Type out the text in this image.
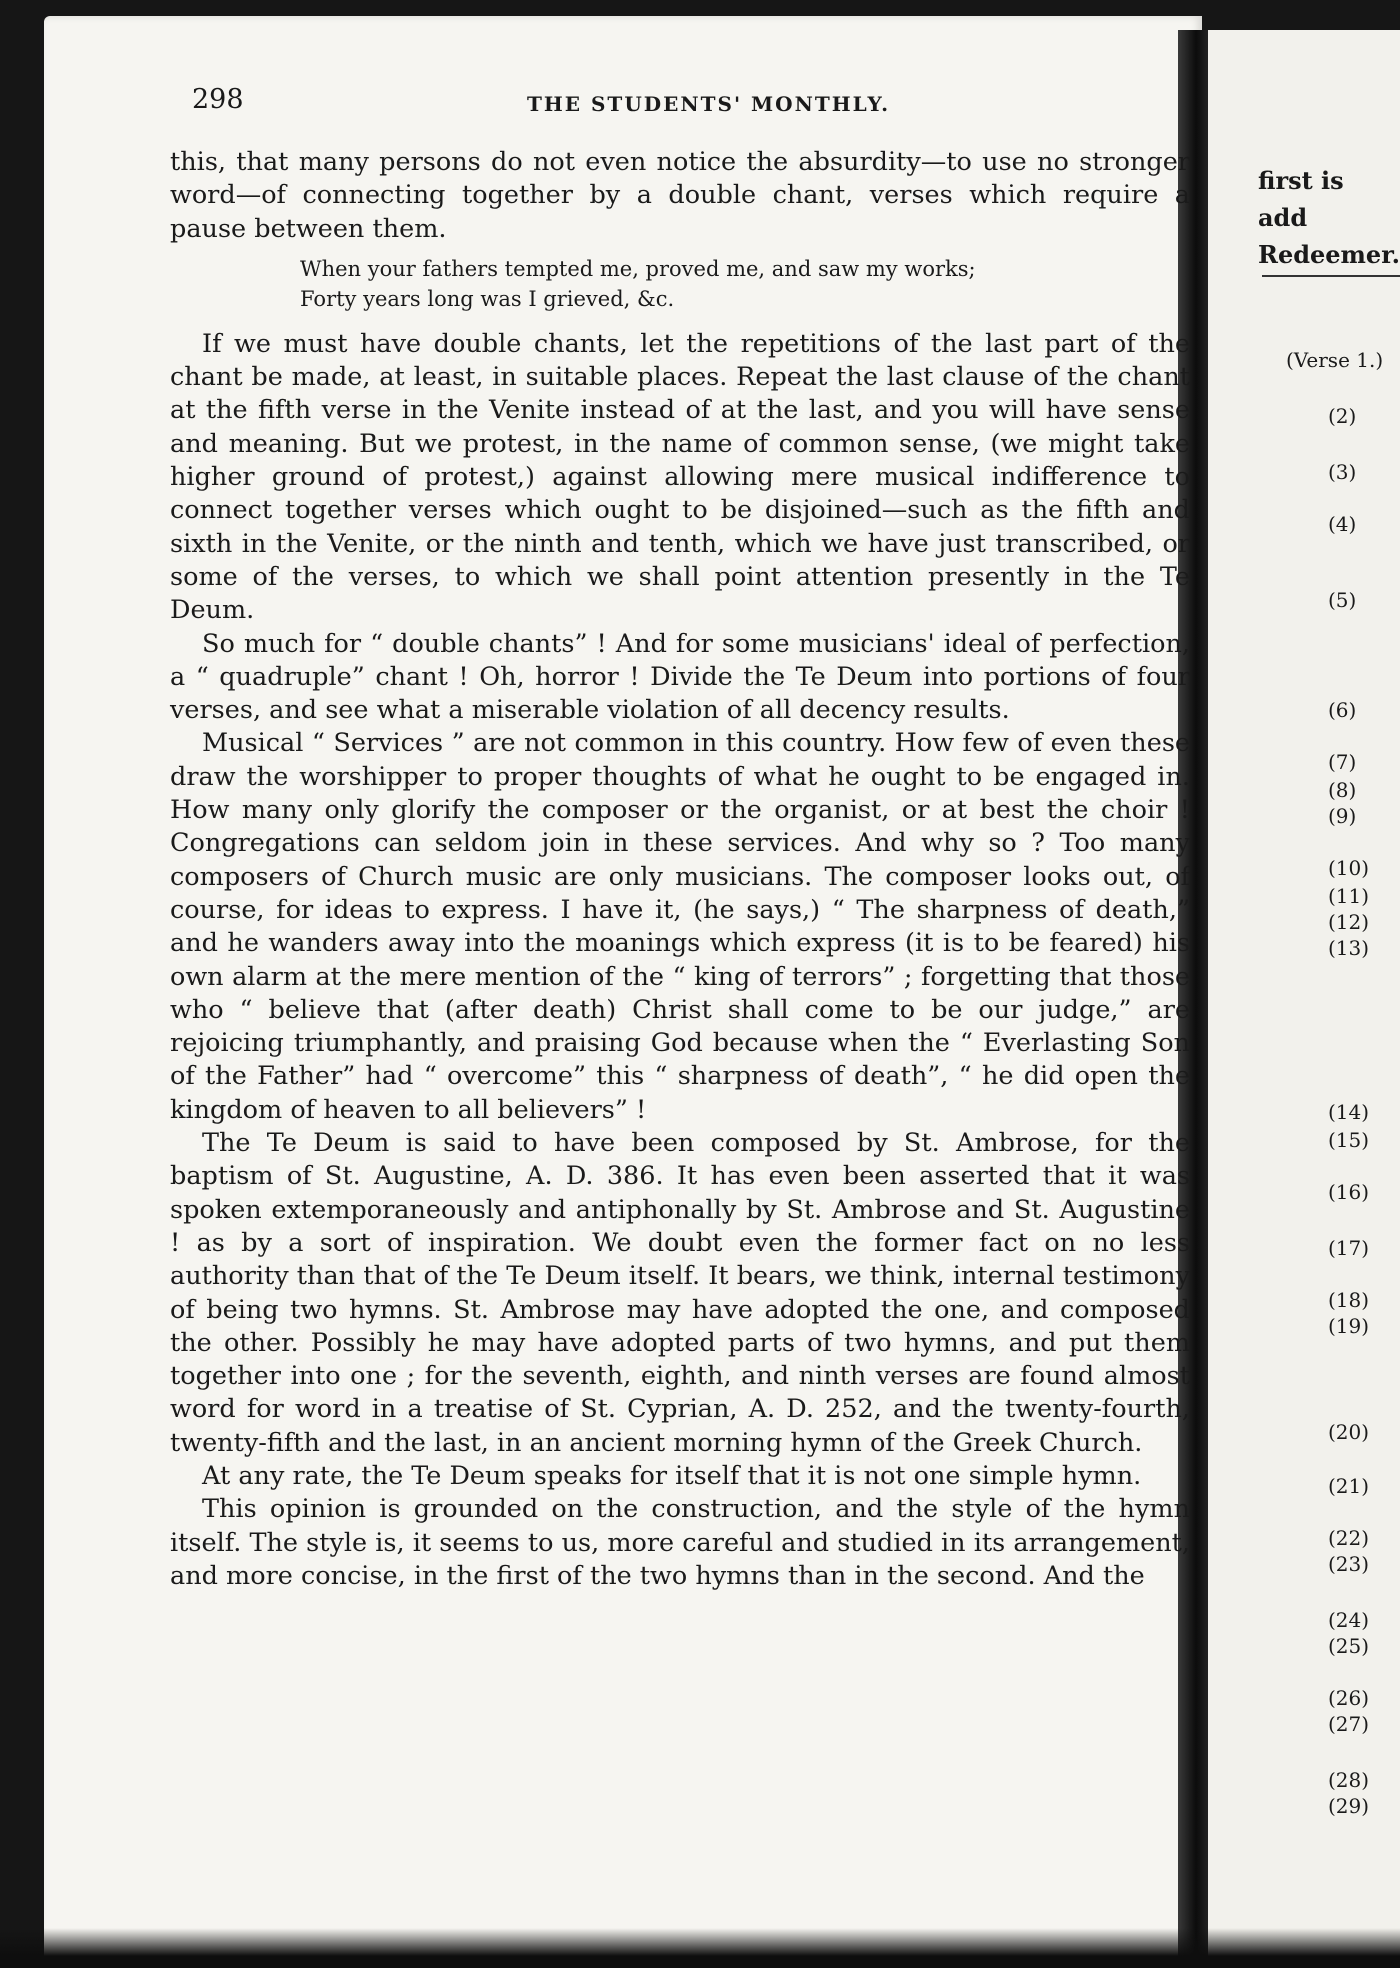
298	THE STUDENTS' MONTHLY.

this, that many persons do not even notice the absurdity—to use no stronger word—of connecting together by a double chant, verses which require a pause between them.

When your fathers tempted me, proved me, and saw my works;
Forty years long was I grieved, &c.

If we must have double chants, let the repetitions of the last part of the chant be made, at least, in suitable places. Repeat the last clause of the chant at the fifth verse in the Venite instead of at the last, and you will have sense and meaning. But we protest, in the name of common sense, (we might take higher ground of protest,) against allowing mere musical indifference to connect together verses which ought to be disjoined—such as the fifth and sixth in the Venite, or the ninth and tenth, which we have just transcribed, or some of the verses, to which we shall point attention presently in the Te Deum.

So much for “ double chants” ! And for some musicians' ideal of perfection, a “ quadruple” chant ! Oh, horror ! Divide the Te Deum into portions of four verses, and see what a miserable violation of all decency results.

Musical “ Services ” are not common in this country. How few of even these draw the worshipper to proper thoughts of what he ought to be engaged in. How many only glorify the composer or the organist, or at best the choir ! Congregations can seldom join in these services. And why so ? Too many composers of Church music are only musicians. The composer looks out, of course, for ideas to express. I have it, (he says,) “ The sharpness of death,” and he wanders away into the moanings which express (it is to be feared) his own alarm at the mere mention of the “ king of terrors” ; forgetting that those who “ believe that (after death) Christ shall come to be our judge,” are rejoicing triumphantly, and praising God because when the “ Everlasting Son of the Father” had “ overcome” this “ sharpness of death”, “ he did open the kingdom of heaven to all believers” !

The Te Deum is said to have been composed by St. Ambrose, for the baptism of St. Augustine, A. D. 386. It has even been asserted that it was spoken extemporaneously and antiphonally by St. Ambrose and St. Augustine ! as by a sort of inspiration. We doubt even the former fact on no less authority than that of the Te Deum itself. It bears, we think, internal testimony of being two hymns. St. Ambrose may have adopted the one, and composed the other. Possibly he may have adopted parts of two hymns, and put them together into one ; for the seventh, eighth, and ninth verses are found almost word for word in a treatise of St. Cyprian, A. D. 252, and the twenty-fourth, twenty-fifth and the last, in an ancient morning hymn of the Greek Church.

At any rate, the Te Deum speaks for itself that it is not one simple hymn.

This opinion is grounded on the construction, and the style of the hymn itself. The style is, it seems to us, more careful and studied in its arrangement, and more concise, in the first of the two hymns than in the second. And the

first is add
Redeemer.
(Verse 1.)
(2)
(3)
(4)
(5)
(6)
(7)
(8)
(9)
(10)
(11)
(12)
(13)
(14)
(15)
(16)
(17)
(18)
(19)
(20)
(21)
(22)
(23)
(24)
(25)
(26)
(27)
(28)
(29)
